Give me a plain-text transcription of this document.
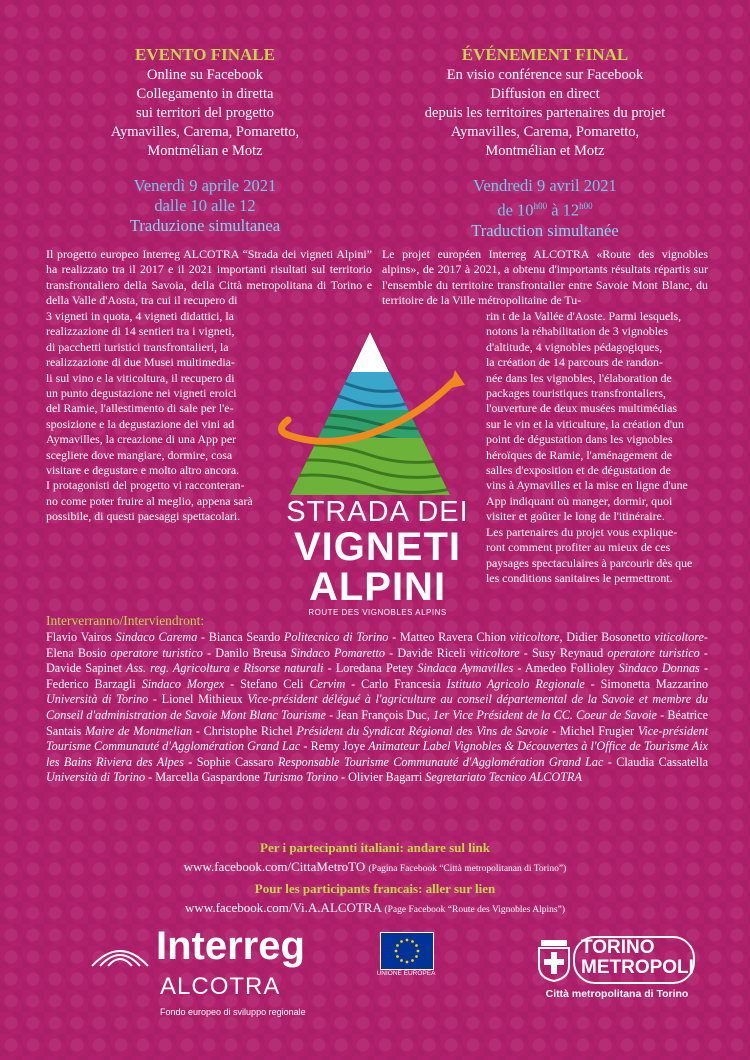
EVENTO FINALE
Online su Facebook
Collegamento in diretta
sui territori del progetto
Aymavilles, Carema, Pomaretto,
Montmélian e Motz
ÉVÉNEMENT FINAL
En visio conférence sur Facebook
Diffusion en direct
depuis les territoires partenaires du projet
Aymavilles, Carema, Pomaretto,
Montmélian et Motz
Venerdì 9 aprile 2021
dalle 10 alle 12
Traduzione simultanea
Vendredi 9 avril 2021
de $10^{h00}$ à $12^{h00}$
Traduction simultanée

Il progetto europeo Interreg ALCOTRA “Strada dei vigneti Alpini” ha realizzato tra il 2017 e il 2021 importanti risultati sul territorio transfrontaliero della Savoia, della Città metropolitana di Torino e della Valle d'Aosta, tra cui il recupero di

3 vigneti in quota, 4 vigneti didattici, la

realizzazione di 14 sentieri tra i vigneti,

di pacchetti turistici transfrontalieri, la

realizzazione di due Musei multimedia-

li sul vino e la viticoltura, il recupero di

un punto degustazione nei vigneti eroici

del Ramie, l'allestimento di sale per l'e-

sposizione e la degustazione dei vini ad

Aymavilles, la creazione di una App per

scegliere dove mangiare, dormire, cosa

visitare e degustare e molto altro ancora.

I protagonisti del progetto vi racconteran-

no come poter fruire al meglio, appena sarà

possibile, di questi paesaggi spettacolari.

Le projet européen Interreg ALCOTRA «Route des vignobles alpins», de 2017 à 2021, a obtenu d'importants résultats répartis sur l'ensemble du territoire transfrontalier entre Savoie Mont Blanc, du territoire de la Ville métropolitaine de Tu-

rin t de la Vallée d'Aoste. Parmi lesquels,

notons la réhabilitation de 3 vignobles

d'altitude, 4 vignobles pédagogiques,

la création de 14 parcours de randon-

née dans les vignobles, l'élaboration de

packages touristiques transfrontaliers,

l'ouverture de deux musées multimédias

sur le vin et la viticulture, la création d'un

point de dégustation dans les vignobles

héroïques de Ramie, l'aménagement de

salles d'exposition et de dégustation de

vins à Aymavilles et la mise en ligne d'une

App indiquant où manger, dormir, quoi

visiter et goûter le long de l'itinéraire.

Les partenaires du projet vous explique-

ront comment profiter au mieux de ces

paysages spectaculaires à parcourir dès que

les conditions sanitaires le permettront.

STRADA DEI
VIGNETI
ALPINI
ROUTE DES VIGNOBLES ALPINS
Interverranno/Interviendront:
Flavio Vairos Sindaco Carema - Bianca Seardo Politecnico di Torino - Matteo Ravera Chion viticoltore, Didier Bosonetto viticoltore- Elena Bosio operatore turistico - Danilo Breusa Sindaco Pomaretto - Davide Riceli viticoltore - Susy Reynaud operatore turistico - Davide Sapinet Ass. reg. Agricoltura e Risorse naturali - Loredana Petey Sindaca Aymavilles - Amedeo Follioley Sindaco Donnas - Federico Barzagli Sindaco Morgex - Stefano Celi Cervim - Carlo Francesia Istituto Agricolo Regionale - Simonetta Mazzarino Università di Torino - Lionel Mithieux Vice-président délégué à l'agriculture au conseil départemental de la Savoie et membre du Conseil d'administration de Savoie Mont Blanc Tourisme - Jean François Duc, 1er Vice Président de la CC. Coeur de Savoie - Béatrice Santais Maire de Montmelian - Christophe Richel Président du Syndicat Régional des Vins de Savoie - Michel Frugier Vice-président Tourisme Communauté d'Agglomération Grand Lac - Remy Joye Animateur Label Vignobles & Découvertes à l'Office de Tourisme Aix les Bains Riviera des Alpes - Sophie Cassaro Responsable Tourisme Communauté d'Agglomération Grand Lac - Claudia Cassatella Università di Torino - Marcella Gaspardone Turismo Torino - Olivier Bagarri Segretariato Tecnico ALCOTRA
Per i partecipanti italiani: andare sul link
www.facebook.com/CittaMetroTO (Pagina Facebook “Città metropolitanan di Torino”)
Pour les participants francais: aller sur lien
www.facebook.com/Vi.A.ALCOTRA (Page Facebook “Route des Vignobles Alpins”)
Interreg
ALCOTRA
Fondo europeo di sviluppo regionale
UNIONE EUROPEA
TORINO
METROPOLI
Città metropolitana di Torino
